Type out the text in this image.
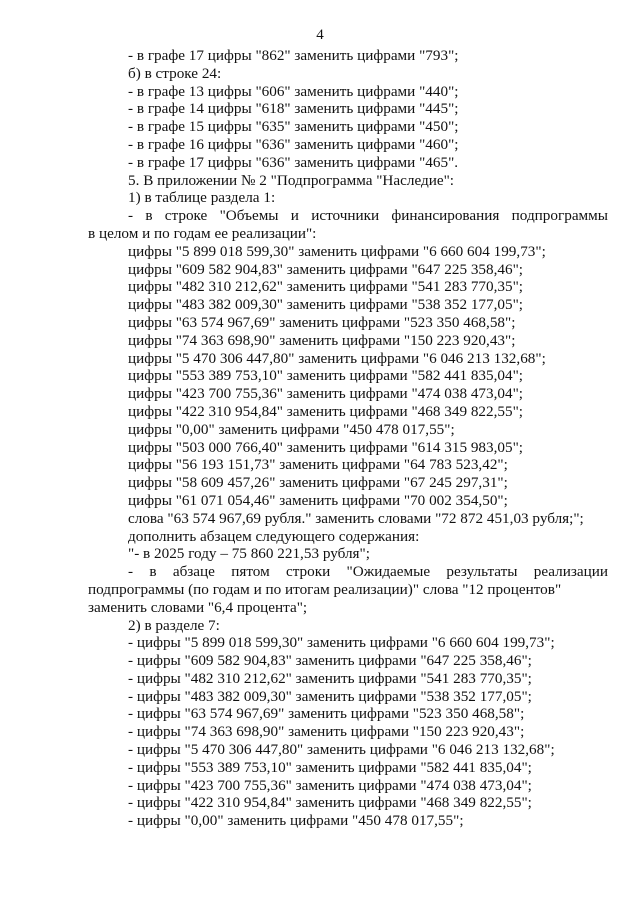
4
- в графе 17 цифры "862" заменить цифрами "793";
б) в строке 24:
- в графе 13 цифры "606" заменить цифрами "440";
- в графе 14 цифры "618" заменить цифрами "445";
- в графе 15 цифры "635" заменить цифрами "450";
- в графе 16 цифры "636" заменить цифрами "460";
- в графе 17 цифры "636" заменить цифрами "465".
5. В приложении № 2 "Подпрограмма "Наследие":
1) в таблице раздела 1:
- в строке "Объемы и источники финансирования подпрограммы
в целом и по годам ее реализации":
цифры "5 899 018 599,30" заменить цифрами "6 660 604 199,73";
цифры "609 582 904,83" заменить цифрами "647 225 358,46";
цифры "482 310 212,62" заменить цифрами "541 283 770,35";
цифры "483 382 009,30" заменить цифрами "538 352 177,05";
цифры "63 574 967,69" заменить цифрами "523 350 468,58";
цифры "74 363 698,90" заменить цифрами "150 223 920,43";
цифры "5 470 306 447,80" заменить цифрами "6 046 213 132,68";
цифры "553 389 753,10" заменить цифрами "582 441 835,04";
цифры "423 700 755,36" заменить цифрами "474 038 473,04";
цифры "422 310 954,84" заменить цифрами "468 349 822,55";
цифры "0,00" заменить цифрами "450 478 017,55";
цифры "503 000 766,40" заменить цифрами "614 315 983,05";
цифры "56 193 151,73" заменить цифрами "64 783 523,42";
цифры "58 609 457,26" заменить цифрами "67 245 297,31";
цифры "61 071 054,46" заменить цифрами "70 002 354,50";
слова "63 574 967,69 рубля." заменить словами "72 872 451,03 рубля;";
дополнить абзацем следующего содержания:
"- в 2025 году – 75 860 221,53 рубля";
- в абзаце пятом строки "Ожидаемые результаты реализации
подпрограммы (по годам и по итогам реализации)" слова "12 процентов"
заменить словами "6,4 процента";
2) в разделе 7:
- цифры "5 899 018 599,30" заменить цифрами "6 660 604 199,73";
- цифры "609 582 904,83" заменить цифрами "647 225 358,46";
- цифры "482 310 212,62" заменить цифрами "541 283 770,35";
- цифры "483 382 009,30" заменить цифрами "538 352 177,05";
- цифры "63 574 967,69" заменить цифрами "523 350 468,58";
- цифры "74 363 698,90" заменить цифрами "150 223 920,43";
- цифры "5 470 306 447,80" заменить цифрами "6 046 213 132,68";
- цифры "553 389 753,10" заменить цифрами "582 441 835,04";
- цифры "423 700 755,36" заменить цифрами "474 038 473,04";
- цифры "422 310 954,84" заменить цифрами "468 349 822,55";
- цифры "0,00" заменить цифрами "450 478 017,55";
